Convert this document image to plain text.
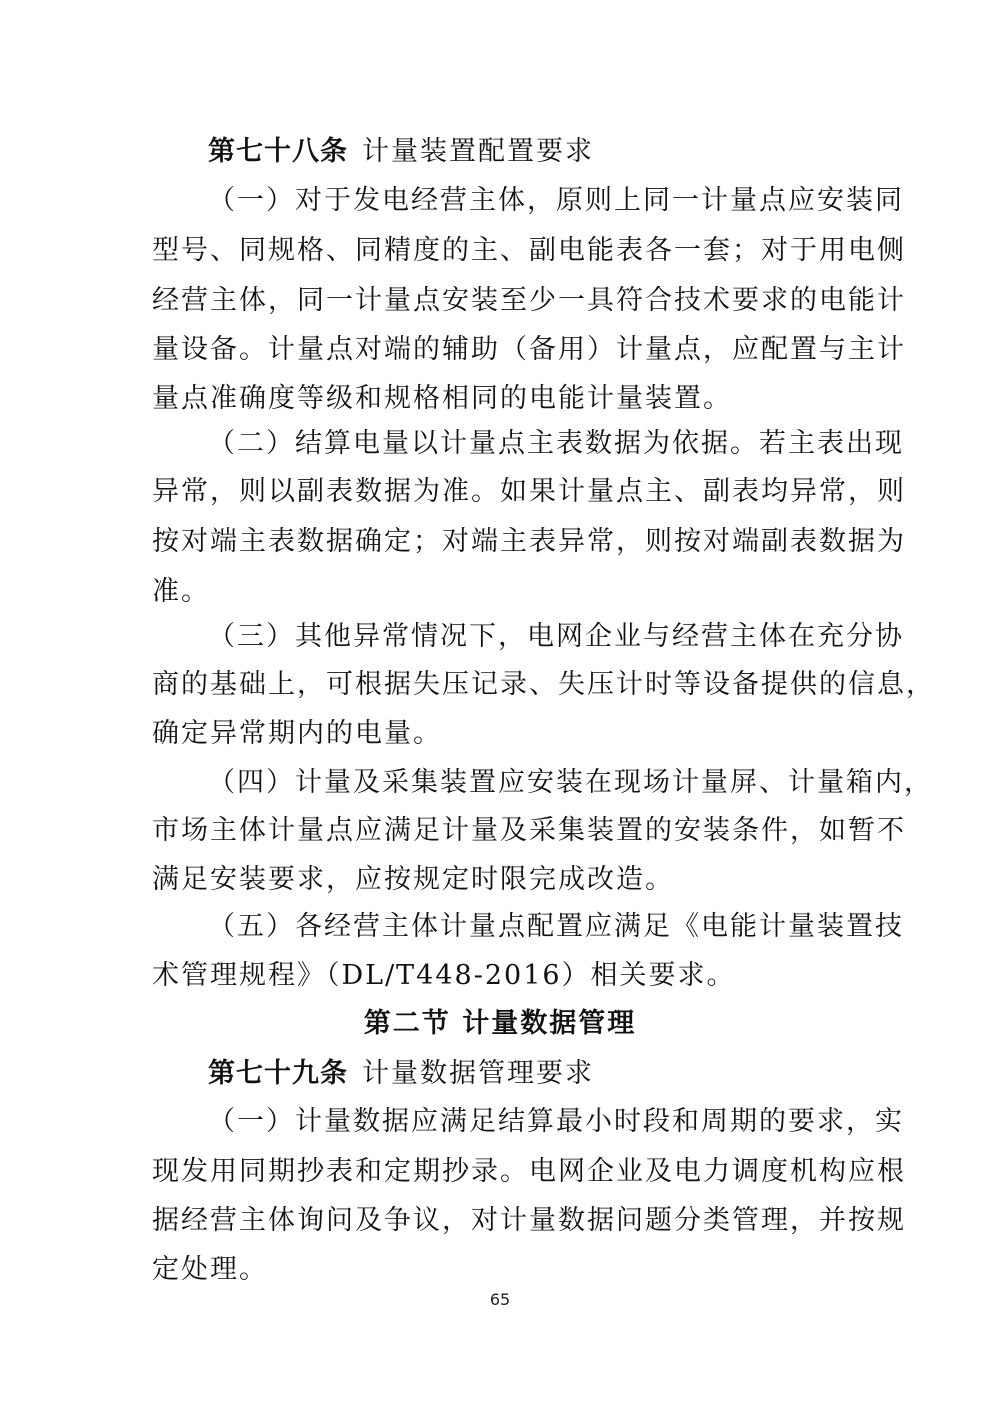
第七十八条 计量装置配置要求
（一）对于发电经营主体，原则上同一计量点应安装同
型号、同规格、同精度的主、副电能表各一套；对于用电侧
经营主体，同一计量点安装至少一具符合技术要求的电能计
量设备。计量点对端的辅助（备用）计量点，应配置与主计
量点准确度等级和规格相同的电能计量装置。
（二）结算电量以计量点主表数据为依据。若主表出现
异常，则以副表数据为准。如果计量点主、副表均异常，则
按对端主表数据确定；对端主表异常，则按对端副表数据为
准。
（三）其他异常情况下，电网企业与经营主体在充分协
商的基础上，可根据失压记录、失压计时等设备提供的信息，
确定异常期内的电量。
（四）计量及采集装置应安装在现场计量屏、计量箱内，
市场主体计量点应满足计量及采集装置的安装条件，如暂不
满足安装要求，应按规定时限完成改造。
（五）各经营主体计量点配置应满足《电能计量装置技
术管理规程》（DL/T448-2016）相关要求。
第二节 计量数据管理
第七十九条 计量数据管理要求
（一）计量数据应满足结算最小时段和周期的要求，实
现发用同期抄表和定期抄录。电网企业及电力调度机构应根
据经营主体询问及争议，对计量数据问题分类管理，并按规
定处理。
65
